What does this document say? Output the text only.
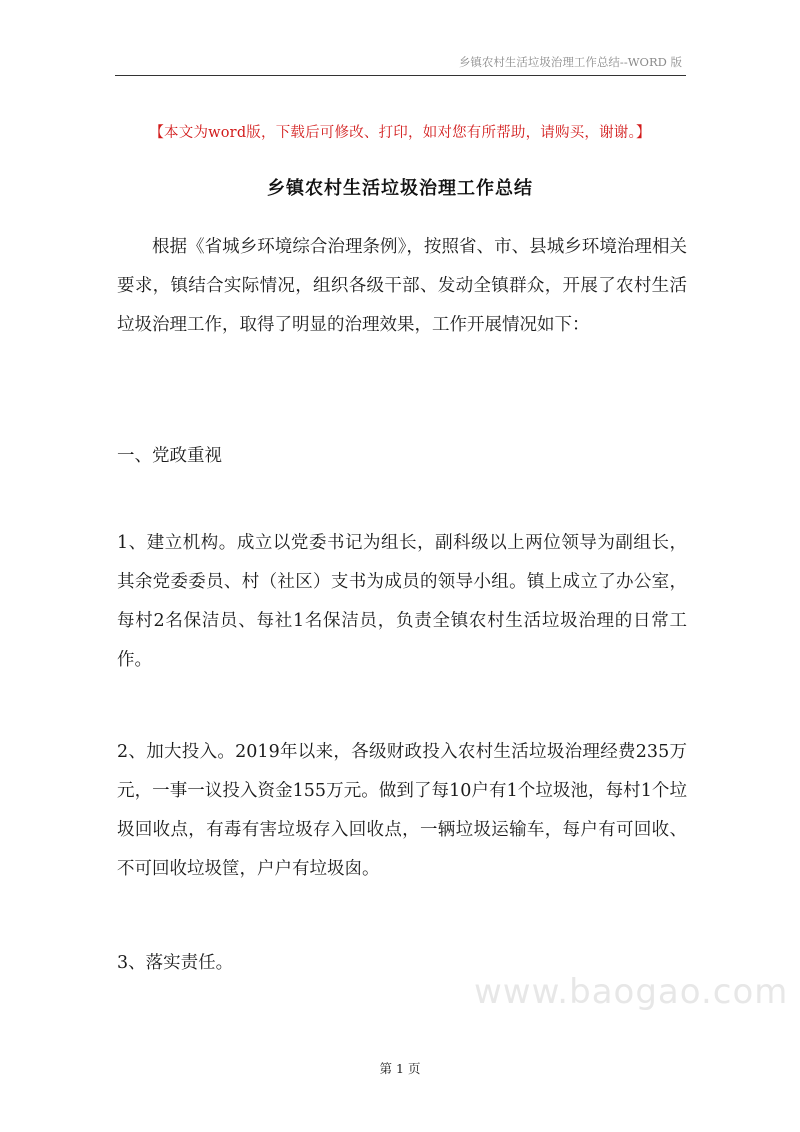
乡镇农村生活垃圾治理工作总结--WORD 版
【本文为word版，下载后可修改、打印，如对您有所帮助，请购买，谢谢。】
乡镇农村生活垃圾治理工作总结

根据《省城乡环境综合治理条例》，按照省、市、县城乡环境治理相关要求，镇结合实际情况，组织各级干部、发动全镇群众，开展了农村生活垃圾治理工作，取得了明显的治理效果，工作开展情况如下：

一、党政重视

1、建立机构。成立以党委书记为组长，副科级以上两位领导为副组长，其余党委委员、村（社区）支书为成员的领导小组。镇上成立了办公室，每村2名保洁员、每社1名保洁员，负责全镇农村生活垃圾治理的日常工作。

2、加大投入。2019年以来，各级财政投入农村生活垃圾治理经费235万元，一事一议投入资金155万元。做到了每10户有1个垃圾池，每村1个垃圾回收点，有毒有害垃圾存入回收点，一辆垃圾运输车，每户有可回收、不可回收垃圾筐，户户有垃圾囱。

3、落实责任。

www.baogao.com
第 1 页
